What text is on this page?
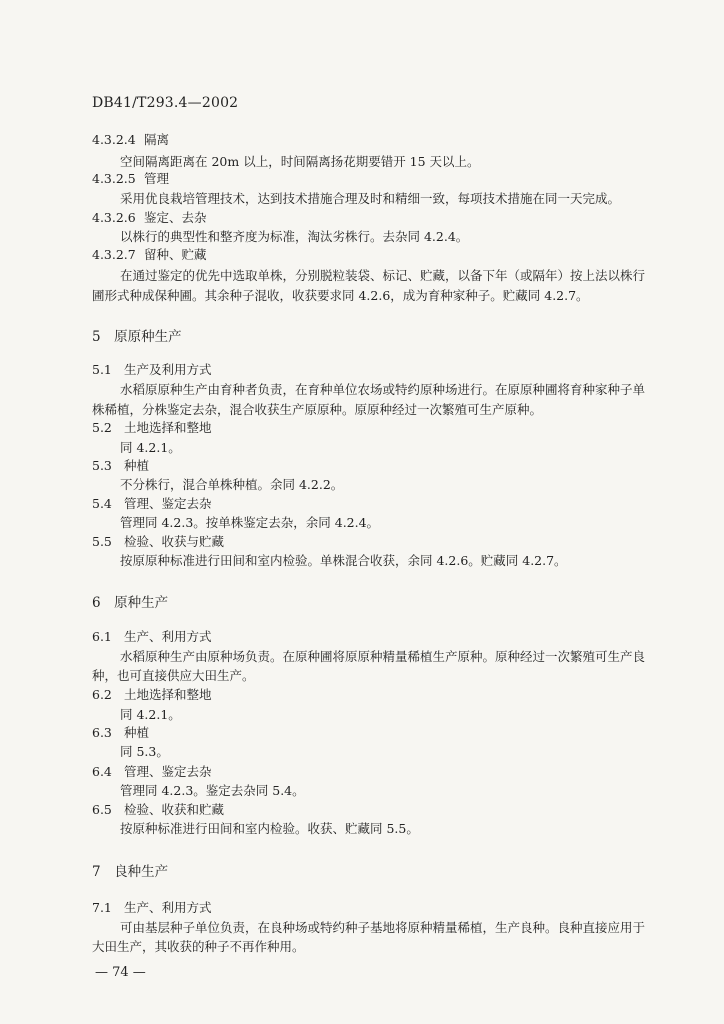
DB41/T293.4—2002
4.3.2.4 隔离
空间隔离距离在 20m 以上，时间隔离扬花期要错开 15 天以上。
4.3.2.5 管理
采用优良栽培管理技术，达到技术措施合理及时和精细一致，每项技术措施在同一天完成。
4.3.2.6 鉴定、去杂
以株行的典型性和整齐度为标准，淘汰劣株行。去杂同 4.2.4。
4.3.2.7 留种、贮藏
在通过鉴定的优先中选取单株，分别脱粒装袋、标记、贮藏，以备下年（或隔年）按上法以株行
圃形式种成保种圃。其余种子混收，收获要求同 4.2.6，成为育种家种子。贮藏同 4.2.7。
5　原原种生产
5.1 生产及利用方式
水稻原原种生产由育种者负责，在育种单位农场或特约原种场进行。在原原种圃将育种家种子单
株稀植，分株鉴定去杂，混合收获生产原原种。原原种经过一次繁殖可生产原种。
5.2 土地选择和整地
同 4.2.1。
5.3 种植
不分株行，混合单株种植。余同 4.2.2。
5.4 管理、鉴定去杂
管理同 4.2.3。按单株鉴定去杂，余同 4.2.4。
5.5 检验、收获与贮藏
按原原种标准进行田间和室内检验。单株混合收获，余同 4.2.6。贮藏同 4.2.7。
6　原种生产
6.1 生产、利用方式
水稻原种生产由原种场负责。在原种圃将原原种精量稀植生产原种。原种经过一次繁殖可生产良
种，也可直接供应大田生产。
6.2 土地选择和整地
同 4.2.1。
6.3 种植
同 5.3。
6.4 管理、鉴定去杂
管理同 4.2.3。鉴定去杂同 5.4。
6.5 检验、收获和贮藏
按原种标准进行田间和室内检验。收获、贮藏同 5.5。
7　良种生产
7.1 生产、利用方式
可由基层种子单位负责，在良种场或特约种子基地将原种精量稀植，生产良种。良种直接应用于
大田生产，其收获的种子不再作种用。
— 74 —
